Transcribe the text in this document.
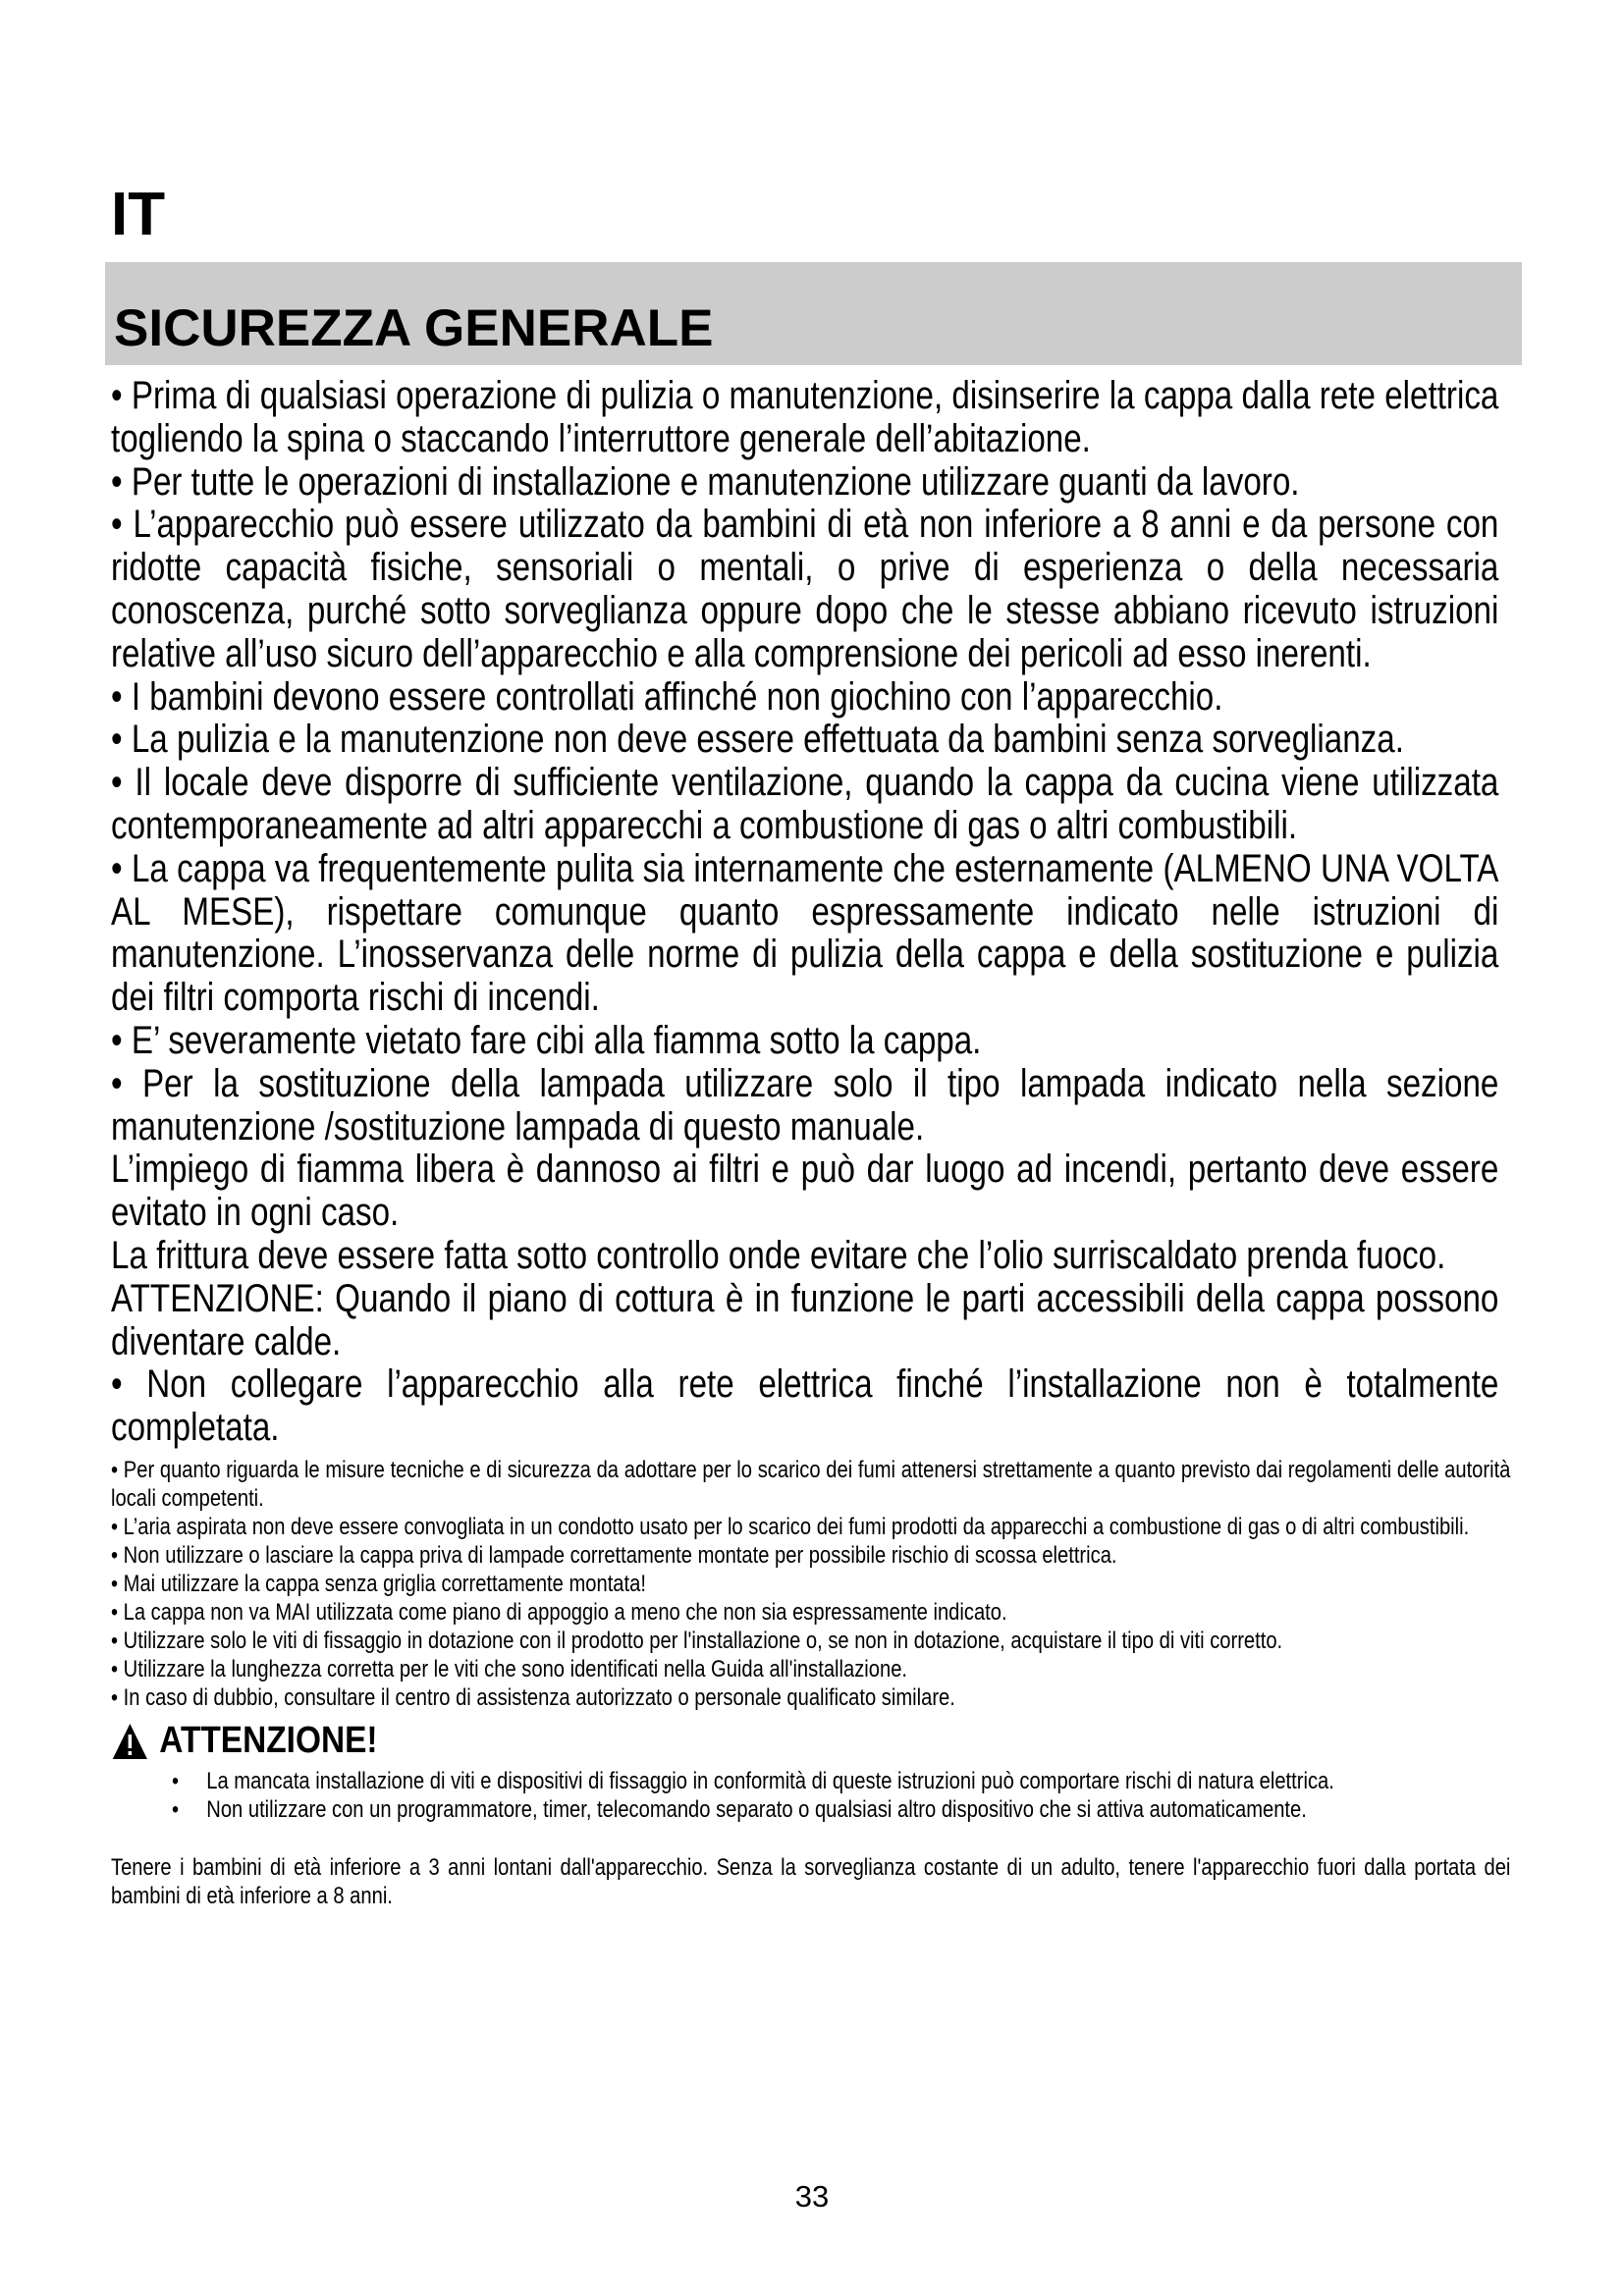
IT
SICUREZZA GENERALE

• Prima di qualsiasi operazione di pulizia o manutenzione, disinserire la cappa dalla rete elettrica togliendo la spina o staccando l’interruttore generale dell’abitazione.

• Per tutte le operazioni di installazione e manutenzione utilizzare guanti da lavoro.

• L’apparecchio può essere utilizzato da bambini di età non inferiore a 8 anni e da persone con ridotte capacità fisiche, sensoriali o mentali, o prive di esperienza o della necessaria conoscenza, purché sotto sorveglianza oppure dopo che le stesse abbiano ricevuto istruzioni relative all’uso sicuro dell’apparecchio e alla comprensione dei pericoli ad esso inerenti.

• I bambini devono essere controllati affinché non giochino con l’apparecchio.

• La pulizia e la manutenzione non deve essere effettuata da bambini senza sorveglianza.

• Il locale deve disporre di sufficiente ventilazione, quando la cappa da cucina viene utilizzata contemporaneamente ad altri apparecchi a combustione di gas o altri combustibili.

• La cappa va frequentemente pulita sia internamente che esternamente (ALMENO UNA VOLTA AL MESE), rispettare comunque quanto espressamente indicato nelle istruzioni di manutenzione. L’inosservanza delle norme di pulizia della cappa e della sostituzione e pulizia dei filtri comporta rischi di incendi.

• E’ severamente vietato fare cibi alla fiamma sotto la cappa.

• Per la sostituzione della lampada utilizzare solo il tipo lampada indicato nella sezione manutenzione /sostituzione lampada di questo manuale.

L’impiego di fiamma libera è dannoso ai filtri e può dar luogo ad incendi, pertanto deve essere evitato in ogni caso.

La frittura deve essere fatta sotto controllo onde evitare che l’olio surriscaldato prenda fuoco.

ATTENZIONE: Quando il piano di cottura è in funzione le parti accessibili della cappa possono diventare calde.

• Non collegare l’apparecchio alla rete elettrica finché l’installazione non è totalmente completata.

• Per quanto riguarda le misure tecniche e di sicurezza da adottare per lo scarico dei fumi attenersi strettamente a quanto previsto dai regolamenti delle autorità locali competenti.

• L’aria aspirata non deve essere convogliata in un condotto usato per lo scarico dei fumi prodotti da apparecchi a combustione di gas o di altri combustibili.

• Non utilizzare o lasciare la cappa priva di lampade correttamente montate per possibile rischio di scossa elettrica.

• Mai utilizzare la cappa senza griglia correttamente montata!

• La cappa non va MAI utilizzata come piano di appoggio a meno che non sia espressamente indicato.

• Utilizzare solo le viti di fissaggio in dotazione con il prodotto per l'installazione o, se non in dotazione, acquistare il tipo di viti corretto.

• Utilizzare la lunghezza corretta per le viti che sono identificati nella Guida all'installazione.

• In caso di dubbio, consultare il centro di assistenza autorizzato o personale qualificato similare.

ATTENZIONE!
•	La mancata installazione di viti e dispositivi di fissaggio in conformità di queste istruzioni può comportare rischi di natura elettrica.
•	Non utilizzare con un programmatore, timer, telecomando separato o qualsiasi altro dispositivo che si attiva automaticamente.

Tenere i bambini di età inferiore a 3 anni lontani dall'apparecchio. Senza la sorveglianza costante di un adulto, tenere l'apparecchio fuori dalla portata dei bambini di età inferiore a 8 anni.

33
